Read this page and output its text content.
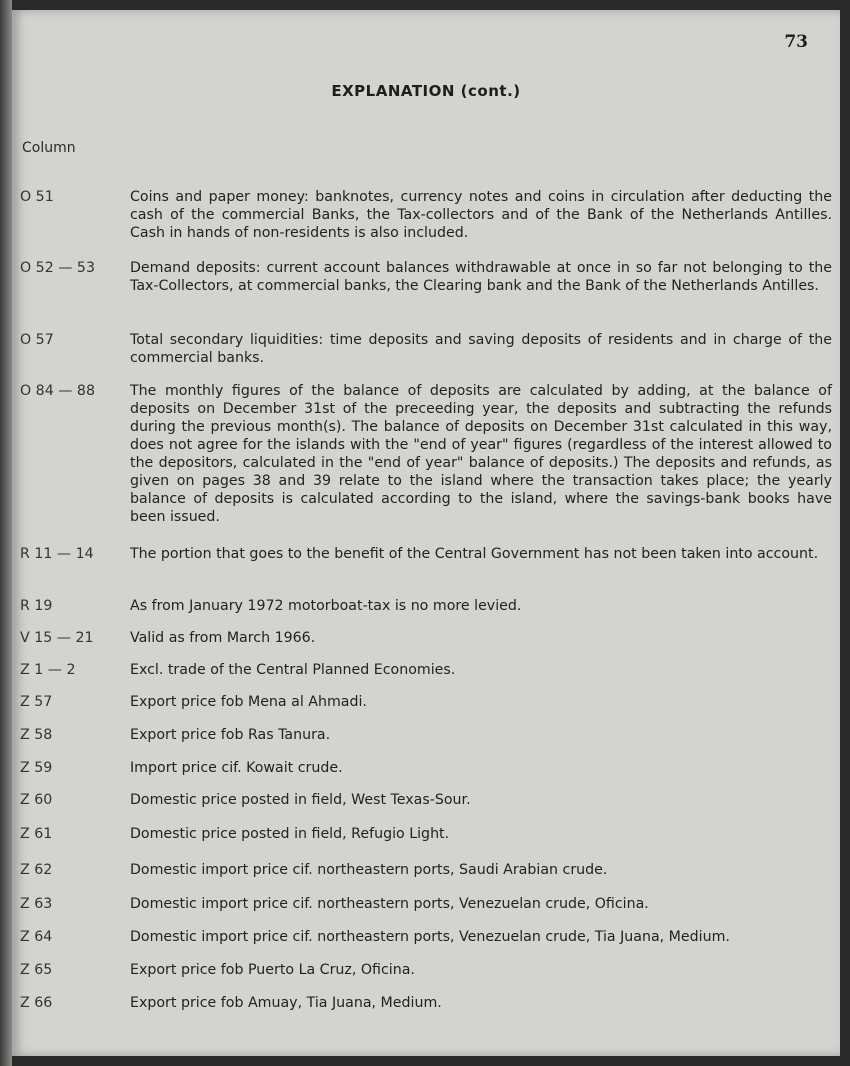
73
EXPLANATION (cont.)
Column
O 51	Coins and paper money: banknotes, currency notes and coins in circulation after deducting the cash of the commercial Banks, the Tax-collectors and of the Bank of the Netherlands Antilles. Cash in hands of non-residents is also included.
O 52 — 53	Demand deposits: current account balances withdrawable at once in so far not belonging to the Tax-Collectors, at commercial banks, the Clearing bank and the Bank of the Netherlands Antilles.
O 57	Total secondary liquidities: time deposits and saving deposits of residents and in charge of the commercial banks.
O 84 — 88	The monthly figures of the balance of deposits are calculated by adding, at the balance of deposits on December 31st of the preceeding year, the deposits and subtracting the refunds during the previous month(s). The balance of deposits on December 31st calculated in this way, does not agree for the islands with the "end of year" figures (regardless of the interest allowed to the depositors, calculated in the "end of year" balance of deposits.) The deposits and refunds, as given on pages 38 and 39 relate to the island where the transaction takes place; the yearly balance of deposits is calculated according to the island, where the savings-bank books have been issued.
R 11 — 14	The portion that goes to the benefit of the Central Government has not been taken into account.
R 19	As from January 1972 motorboat-tax is no more levied.
V 15 — 21	Valid as from March 1966.
Z 1 — 2	Excl. trade of the Central Planned Economies.
Z 57	Export price fob Mena al Ahmadi.
Z 58	Export price fob Ras Tanura.
Z 59	Import price cif. Kowait crude.
Z 60	Domestic price posted in field, West Texas-Sour.
Z 61	Domestic price posted in field, Refugio Light.
Z 62	Domestic import price cif. northeastern ports, Saudi Arabian crude.
Z 63	Domestic import price cif. northeastern ports, Venezuelan crude, Oficina.
Z 64	Domestic import price cif. northeastern ports, Venezuelan crude, Tia Juana, Medium.
Z 65	Export price fob Puerto La Cruz, Oficina.
Z 66	Export price fob Amuay, Tia Juana, Medium.
